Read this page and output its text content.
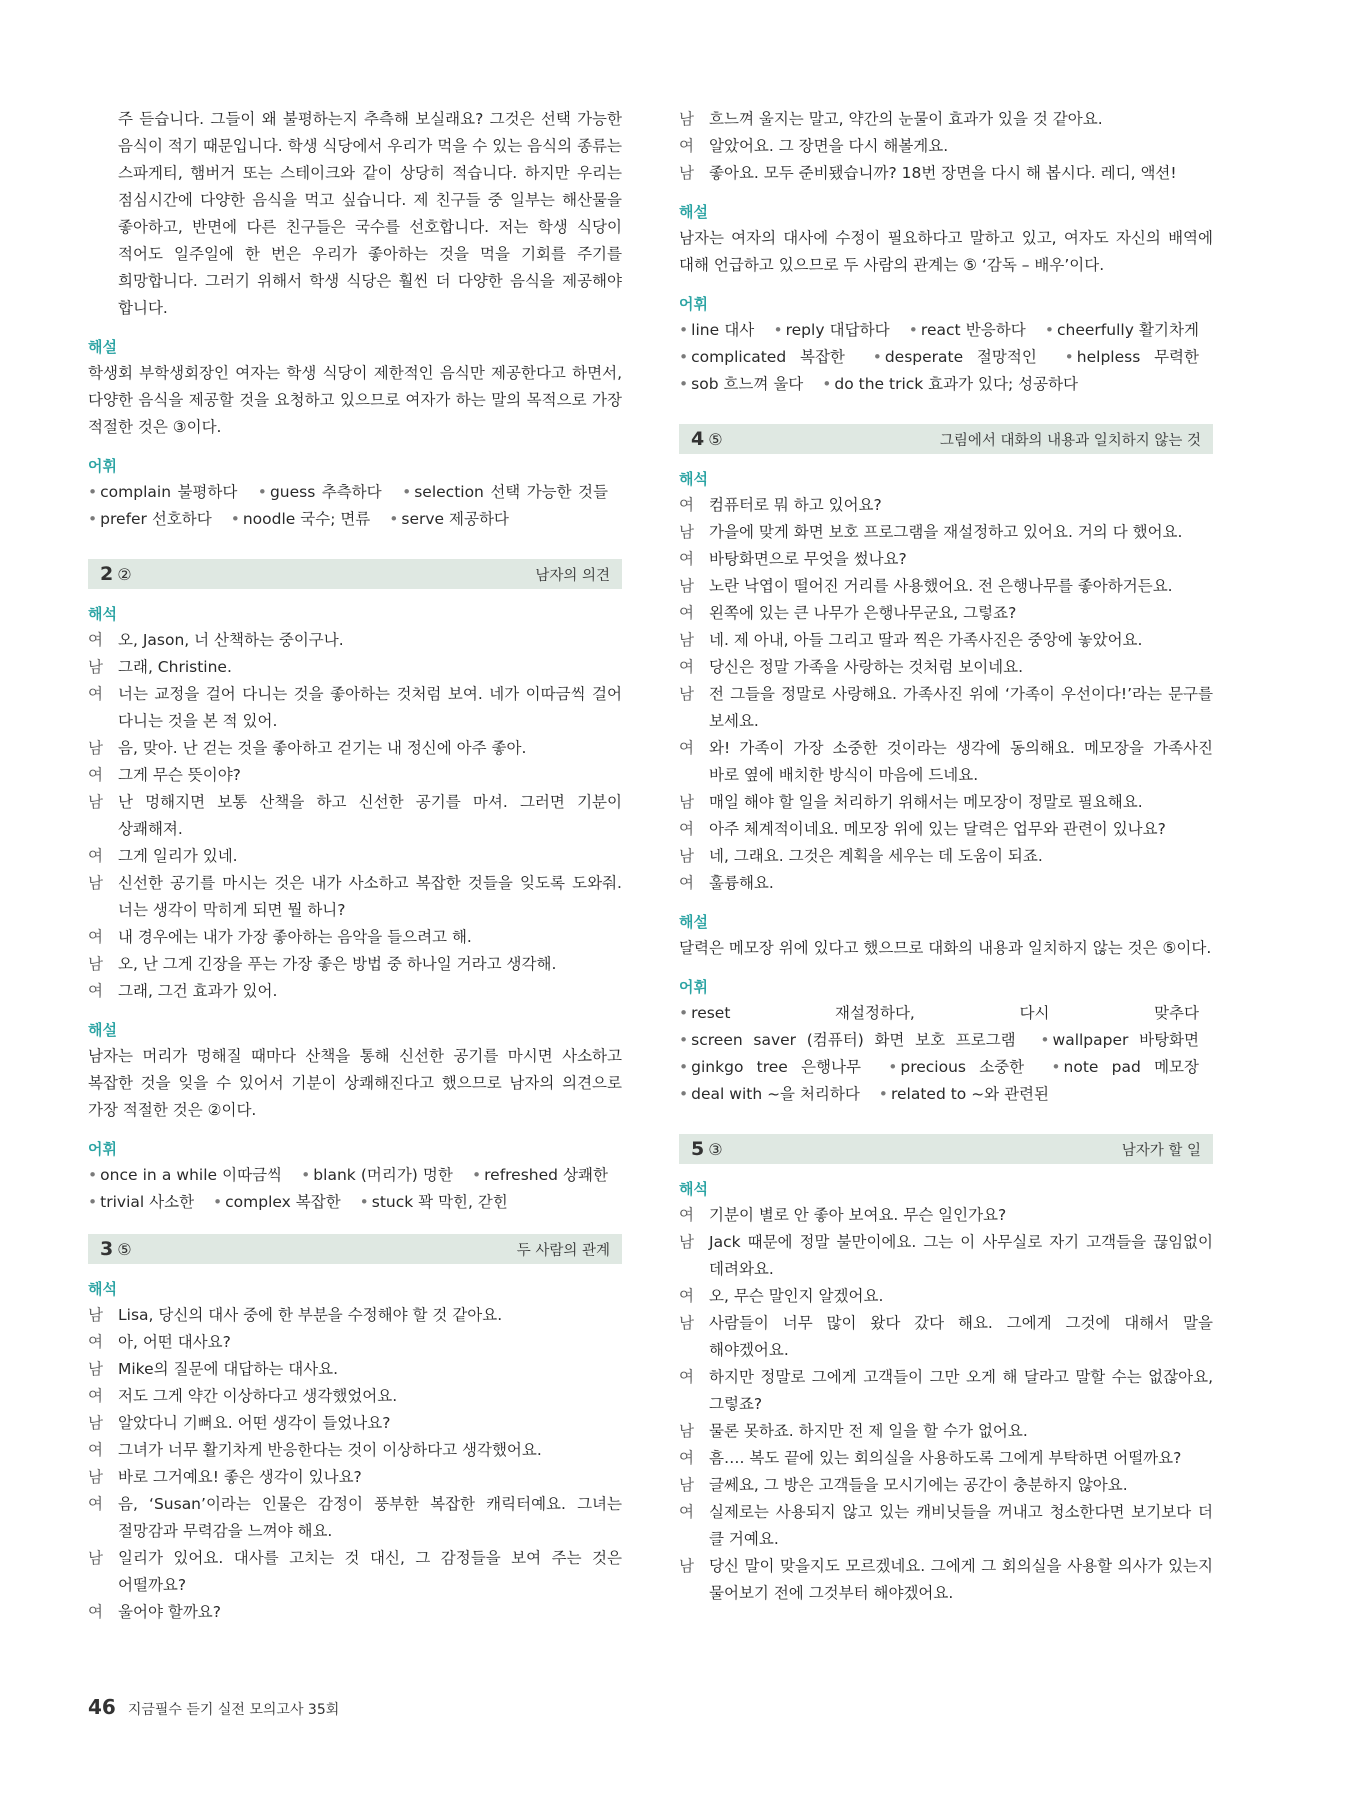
주 듣습니다. 그들이 왜 불평하는지 추측해 보실래요? 그것은 선택 가능한 음식이 적기 때문입니다. 학생 식당에서 우리가 먹을 수 있는 음식의 종류는 스파게티, 햄버거 또는 스테이크와 같이 상당히 적습니다. 하지만 우리는 점심시간에 다양한 음식을 먹고 싶습니다. 제 친구들 중 일부는 해산물을 좋아하고, 반면에 다른 친구들은 국수를 선호합니다. 저는 학생 식당이 적어도 일주일에 한 번은 우리가 좋아하는 것을 먹을 기회를 주기를 희망합니다. 그러기 위해서 학생 식당은 훨씬 더 다양한 음식을 제공해야 합니다.

해설

학생회 부학생회장인 여자는 학생 식당이 제한적인 음식만 제공한다고 하면서, 다양한 음식을 제공할 것을 요청하고 있으므로 여자가 하는 말의 목적으로 가장 적절한 것은 ③이다.

어휘

• complain 불평하다 • guess 추측하다 • selection 선택 가능한 것들 • prefer 선호하다 • noodle 국수; 면류 • serve 제공하다

2 ②	남자의 의견
해석
여 오, Jason, 너 산책하는 중이구나.
남 그래, Christine.
여 너는 교정을 걸어 다니는 것을 좋아하는 것처럼 보여. 네가 이따금씩 걸어 다니는 것을 본 적 있어.
남 음, 맞아. 난 걷는 것을 좋아하고 걷기는 내 정신에 아주 좋아.
여 그게 무슨 뜻이야?
남 난 멍해지면 보통 산책을 하고 신선한 공기를 마셔. 그러면 기분이 상쾌해져.
여 그게 일리가 있네.
남 신선한 공기를 마시는 것은 내가 사소하고 복잡한 것들을 잊도록 도와줘. 너는 생각이 막히게 되면 뭘 하니?
여 내 경우에는 내가 가장 좋아하는 음악을 들으려고 해.
남 오, 난 그게 긴장을 푸는 가장 좋은 방법 중 하나일 거라고 생각해.
여 그래, 그건 효과가 있어.
해설

남자는 머리가 멍해질 때마다 산책을 통해 신선한 공기를 마시면 사소하고 복잡한 것을 잊을 수 있어서 기분이 상쾌해진다고 했으므로 남자의 의견으로 가장 적절한 것은 ②이다.

어휘

• once in a while 이따금씩 • blank (머리가) 멍한 • refreshed 상쾌한 • trivial 사소한 • complex 복잡한 • stuck 꽉 막힌, 갇힌

3 ⑤	두 사람의 관계
해석
남 Lisa, 당신의 대사 중에 한 부분을 수정해야 할 것 같아요.
여 아, 어떤 대사요?
남 Mike의 질문에 대답하는 대사요.
여 저도 그게 약간 이상하다고 생각했었어요.
남 알았다니 기뻐요. 어떤 생각이 들었나요?
여 그녀가 너무 활기차게 반응한다는 것이 이상하다고 생각했어요.
남 바로 그거예요! 좋은 생각이 있나요?
여 음, ‘Susan’이라는 인물은 감정이 풍부한 복잡한 캐릭터예요. 그녀는 절망감과 무력감을 느껴야 해요.
남 일리가 있어요. 대사를 고치는 것 대신, 그 감정들을 보여 주는 것은 어떨까요?
여 울어야 할까요?
남 흐느껴 울지는 말고, 약간의 눈물이 효과가 있을 것 같아요.
여 알았어요. 그 장면을 다시 해볼게요.
남 좋아요. 모두 준비됐습니까? 18번 장면을 다시 해 봅시다. 레디, 액션!
해설

남자는 여자의 대사에 수정이 필요하다고 말하고 있고, 여자도 자신의 배역에 대해 언급하고 있으므로 두 사람의 관계는 ⑤ ‘감독 – 배우’이다.

어휘

• line 대사 • reply 대답하다 • react 반응하다 • cheerfully 활기차게 • complicated 복잡한 • desperate 절망적인 • helpless 무력한 • sob 흐느껴 울다 • do the trick 효과가 있다; 성공하다

4 ⑤	그림에서 대화의 내용과 일치하지 않는 것
해석
여 컴퓨터로 뭐 하고 있어요?
남 가을에 맞게 화면 보호 프로그램을 재설정하고 있어요. 거의 다 했어요.
여 바탕화면으로 무엇을 썼나요?
남 노란 낙엽이 떨어진 거리를 사용했어요. 전 은행나무를 좋아하거든요.
여 왼쪽에 있는 큰 나무가 은행나무군요, 그렇죠?
남 네. 제 아내, 아들 그리고 딸과 찍은 가족사진은 중앙에 놓았어요.
여 당신은 정말 가족을 사랑하는 것처럼 보이네요.
남 전 그들을 정말로 사랑해요. 가족사진 위에 ‘가족이 우선이다!’라는 문구를 보세요.
여 와! 가족이 가장 소중한 것이라는 생각에 동의해요. 메모장을 가족사진 바로 옆에 배치한 방식이 마음에 드네요.
남 매일 해야 할 일을 처리하기 위해서는 메모장이 정말로 필요해요.
여 아주 체계적이네요. 메모장 위에 있는 달력은 업무와 관련이 있나요?
남 네, 그래요. 그것은 계획을 세우는 데 도움이 되죠.
여 훌륭해요.
해설

달력은 메모장 위에 있다고 했으므로 대화의 내용과 일치하지 않는 것은 ⑤이다.

어휘

• reset 재설정하다, 다시 맞추다 • screen saver (컴퓨터) 화면 보호 프로그램 • wallpaper 바탕화면 • ginkgo tree 은행나무 • precious 소중한 • note pad 메모장 • deal with ~을 처리하다 • related to ~와 관련된

5 ③	남자가 할 일
해석
여 기분이 별로 안 좋아 보여요. 무슨 일인가요?
남 Jack 때문에 정말 불만이에요. 그는 이 사무실로 자기 고객들을 끊임없이 데려와요.
여 오, 무슨 말인지 알겠어요.
남 사람들이 너무 많이 왔다 갔다 해요. 그에게 그것에 대해서 말을 해야겠어요.
여 하지만 정말로 그에게 고객들이 그만 오게 해 달라고 말할 수는 없잖아요, 그렇죠?
남 물론 못하죠. 하지만 전 제 일을 할 수가 없어요.
여 흠…. 복도 끝에 있는 회의실을 사용하도록 그에게 부탁하면 어떨까요?
남 글쎄요, 그 방은 고객들을 모시기에는 공간이 충분하지 않아요.
여 실제로는 사용되지 않고 있는 캐비닛들을 꺼내고 청소한다면 보기보다 더 클 거예요.
남 당신 말이 맞을지도 모르겠네요. 그에게 그 회의실을 사용할 의사가 있는지 물어보기 전에 그것부터 해야겠어요.
46 지금필수 듣기 실전 모의고사 35회
